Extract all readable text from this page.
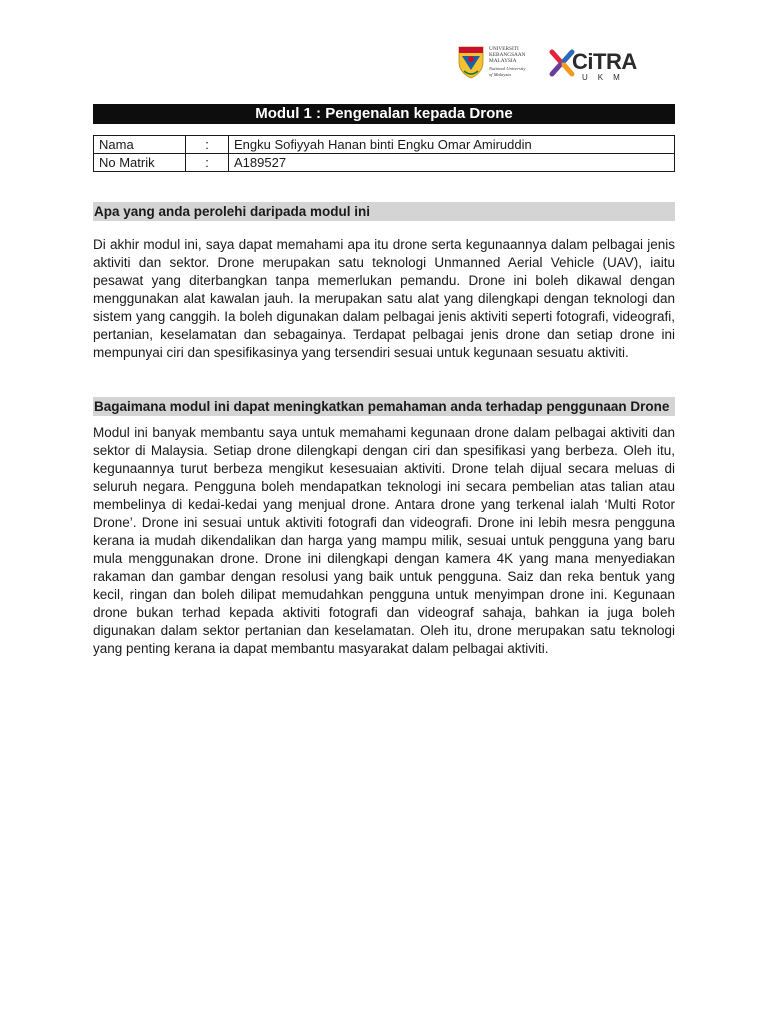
UNIVERSITI
KEBANGSAAN
MALAYSIA
National University
of Malaysia
CiTRA
UKM
Modul 1 : Pengenalan kepada Drone
Nama	:	Engku Sofiyyah Hanan binti Engku Omar Amiruddin
No Matrik	:	A189527
Apa yang anda perolehi daripada modul ini

Di akhir modul ini, saya dapat memahami apa itu drone serta kegunaannya dalam pelbagai jenis aktiviti dan sektor. Drone merupakan satu teknologi Unmanned Aerial Vehicle (UAV), iaitu pesawat yang diterbangkan tanpa memerlukan pemandu. Drone ini boleh dikawal dengan menggunakan alat kawalan jauh. Ia merupakan satu alat yang dilengkapi dengan teknologi dan sistem yang canggih. Ia boleh digunakan dalam pelbagai jenis aktiviti seperti fotografi, videografi, pertanian, keselamatan dan sebagainya. Terdapat pelbagai jenis drone dan setiap drone ini mempunyai ciri dan spesifikasinya yang tersendiri sesuai untuk kegunaan sesuatu aktiviti.

Bagaimana modul ini dapat meningkatkan pemahaman anda terhadap penggunaan Drone

Modul ini banyak membantu saya untuk memahami kegunaan drone dalam pelbagai aktiviti dan sektor di Malaysia. Setiap drone dilengkapi dengan ciri dan spesifikasi yang berbeza. Oleh itu, kegunaannya turut berbeza mengikut kesesuaian aktiviti. Drone telah dijual secara meluas di seluruh negara. Pengguna boleh mendapatkan teknologi ini secara pembelian atas talian atau membelinya di kedai-kedai yang menjual drone. Antara drone yang terkenal ialah ‘Multi Rotor Drone’. Drone ini sesuai untuk aktiviti fotografi dan videografi. Drone ini lebih mesra pengguna kerana ia mudah dikendalikan dan harga yang mampu milik, sesuai untuk pengguna yang baru mula menggunakan drone. Drone ini dilengkapi dengan kamera 4K yang mana menyediakan rakaman dan gambar dengan resolusi yang baik untuk pengguna. Saiz dan reka bentuk yang kecil, ringan dan boleh dilipat memudahkan pengguna untuk menyimpan drone ini. Kegunaan drone bukan terhad kepada aktiviti fotografi dan videograf sahaja, bahkan ia juga boleh digunakan dalam sektor pertanian dan keselamatan. Oleh itu, drone merupakan satu teknologi yang penting kerana ia dapat membantu masyarakat dalam pelbagai aktiviti.
